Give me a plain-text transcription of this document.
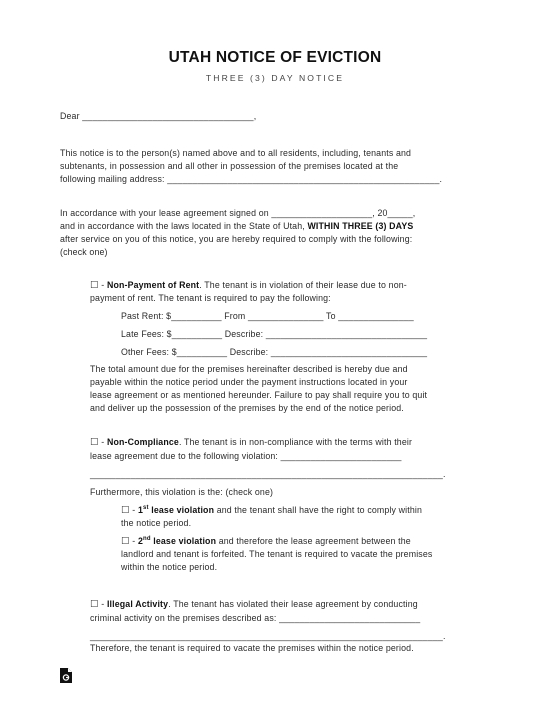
UTAH NOTICE OF EVICTION
THREE (3) DAY NOTICE
Dear __________________________________,
This notice is to the person(s) named above and to all residents, including, tenants and
subtenants, in possession and all other in possession of the premises located at the
following mailing address: ______________________________________________________.
In accordance with your lease agreement signed on ____________________, 20_____,
and in accordance with the laws located in the State of Utah, WITHIN THREE (3) DAYS
after service on you of this notice, you are hereby required to comply with the following:
(check one)
☐ - Non-Payment of Rent. The tenant is in violation of their lease due to non-
payment of rent. The tenant is required to pay the following:
Past Rent: $__________ From _______________ To _______________
Late Fees: $__________ Describe: ________________________________
Other Fees: $__________ Describe: _______________________________
The total amount due for the premises hereinafter described is hereby due and
payable within the notice period under the payment instructions located in your
lease agreement or as mentioned hereunder. Failure to pay shall require you to quit
and deliver up the possession of the premises by the end of the notice period.
☐ - Non-Compliance. The tenant is in non-compliance with the terms with their
lease agreement due to the following violation: ________________________
______________________________________________________________________.
Furthermore, this violation is the: (check one)
☐ - 1st lease violation and the tenant shall have the right to comply within
the notice period.
☐ - 2nd lease violation and therefore the lease agreement between the
landlord and tenant is forfeited. The tenant is required to vacate the premises
within the notice period.
☐ - Illegal Activity. The tenant has violated their lease agreement by conducting
criminal activity on the premises described as: ____________________________
______________________________________________________________________.
Therefore, the tenant is required to vacate the premises within the notice period.
